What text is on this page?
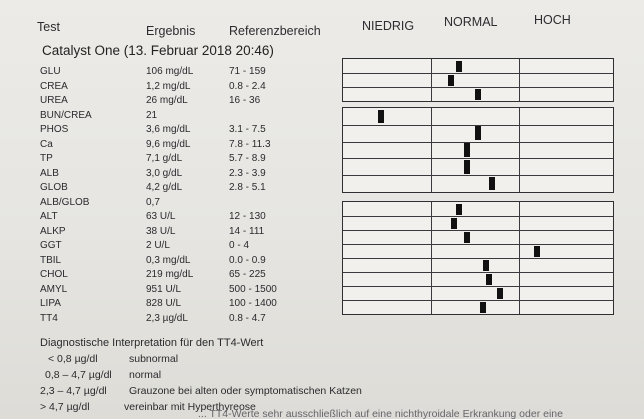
Test	Ergebnis	Referenzbereich	NIEDRIG NORMAL	HOCH
Catalyst One (13. Februar 2018 20:46)
GLU	106 mg/dL	71 - 159
CREA	1,2 mg/dL	0.8 - 2.4
UREA	26 mg/dL	16 - 36
BUN/CREA	21
PHOS	3,6 mg/dL	3.1 - 7.5
Ca	9,6 mg/dL	7.8 - 11.3
TP	7,1 g/dL	5.7 - 8.9
ALB	3,0 g/dL	2.3 - 3.9
GLOB	4,2 g/dL	2.8 - 5.1
ALB/GLOB	0,7
ALT	63 U/L	12 - 130
ALKP	38 U/L	14 - 111
GGT	2 U/L	0 - 4
TBIL	0,3 mg/dL	0.0 - 0.9
CHOL	219 mg/dL	65 - 225
AMYL	951 U/L	500 - 1500
LIPA	828 U/L	100 - 1400
TT4	2,3 µg/dL	0.8 - 4.7
Diagnostische Interpretation für den TT4-Wert
< 0,8 µg/dl	subnormal
0,8 – 4,7 µg/dl normal
2,3 – 4,7 µg/dl Grauzone bei alten oder symptomatischen Katzen
> 4,7 µg/dl	vereinbar mit Hyperthyreose
... TT4-Werte sehr ausschließlich auf eine nichthyroidale Erkrankung oder eine
